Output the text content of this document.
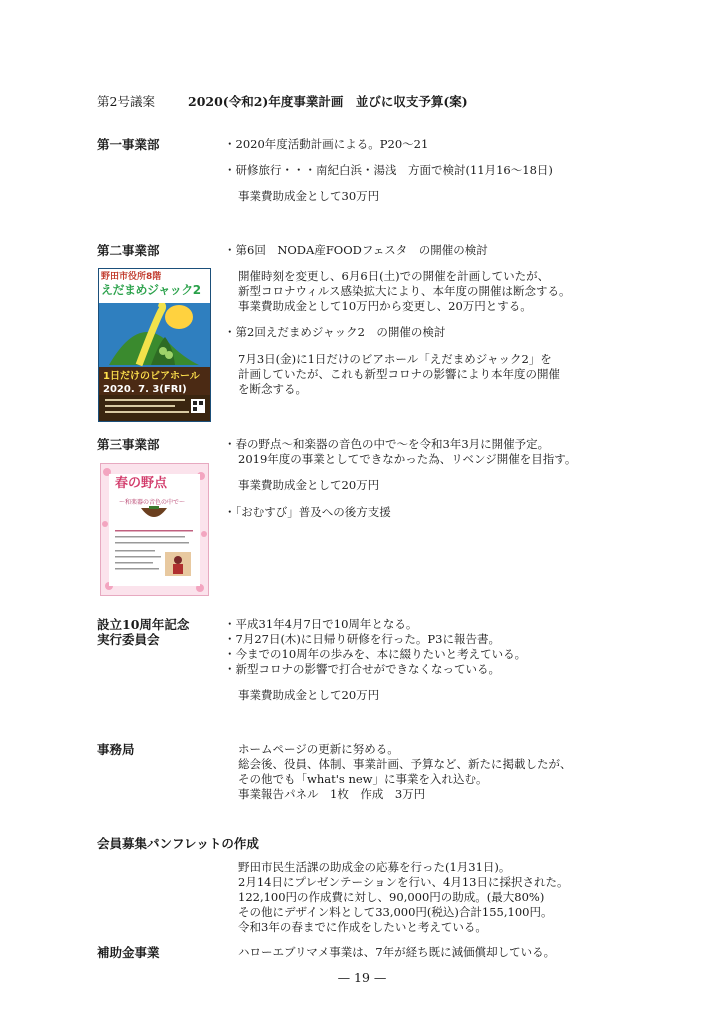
第2号議案	2020(令和2)年度事業計画　並びに収支予算(案)
第一事業部	・2020年度活動計画による。P20～21
・研修旅行・・・南紀白浜・湯浅　方面で検討(11月16～18日)
事業費助成金として30万円
第二事業部	・第6回　NODA産FOODフェスタ　の開催の検討
開催時刻を変更し、6月6日(土)での開催を計画していたが、
新型コロナウィルス感染拡大により、本年度の開催は断念する。
事業費助成金として10万円から変更し、20万円とする。
・第2回えだまめジャック2　の開催の検討
7月3日(金)に1日だけのビアホール「えだまめジャック2」を
計画していたが、これも新型コロナの影響により本年度の開催
を断念する。
野田市役所8階
えだまめジャック2
1日だけのビアホール
2020. 7. 3(FRI)
第三事業部	・春の野点～和楽器の音色の中で～を令和3年3月に開催予定。
2019年度の事業としてできなかった為、リベンジ開催を目指す。
事業費助成金として20万円
・「おむすび」普及への後方支援
春の野点
～和楽器の音色の中で～
設立10周年記念
実行委員会
・平成31年4月7日で10周年となる。
・7月27日(木)に日帰り研修を行った。P3に報告書。
・今までの10周年の歩みを、本に綴りたいと考えている。
・新型コロナの影響で打合せができなくなっている。
事業費助成金として20万円
事務局	ホームページの更新に努める。
総会後、役員、体制、事業計画、予算など、新たに掲載したが、
その他でも「what's new」に事業を入れ込む。
事業報告パネル　1枚　作成　3万円
会員募集パンフレットの作成
野田市民生活課の助成金の応募を行った(1月31日)。
2月14日にプレゼンテーションを行い、4月13日に採択された。
122,100円の作成費に対し、90,000円の助成。(最大80%)
その他にデザイン料として33,000円(税込)合計155,100円。
令和3年の春までに作成をしたいと考えている。
補助金事業	ハローエブリマメ事業は、7年が経ち既に減価償却している。
— 19 —
